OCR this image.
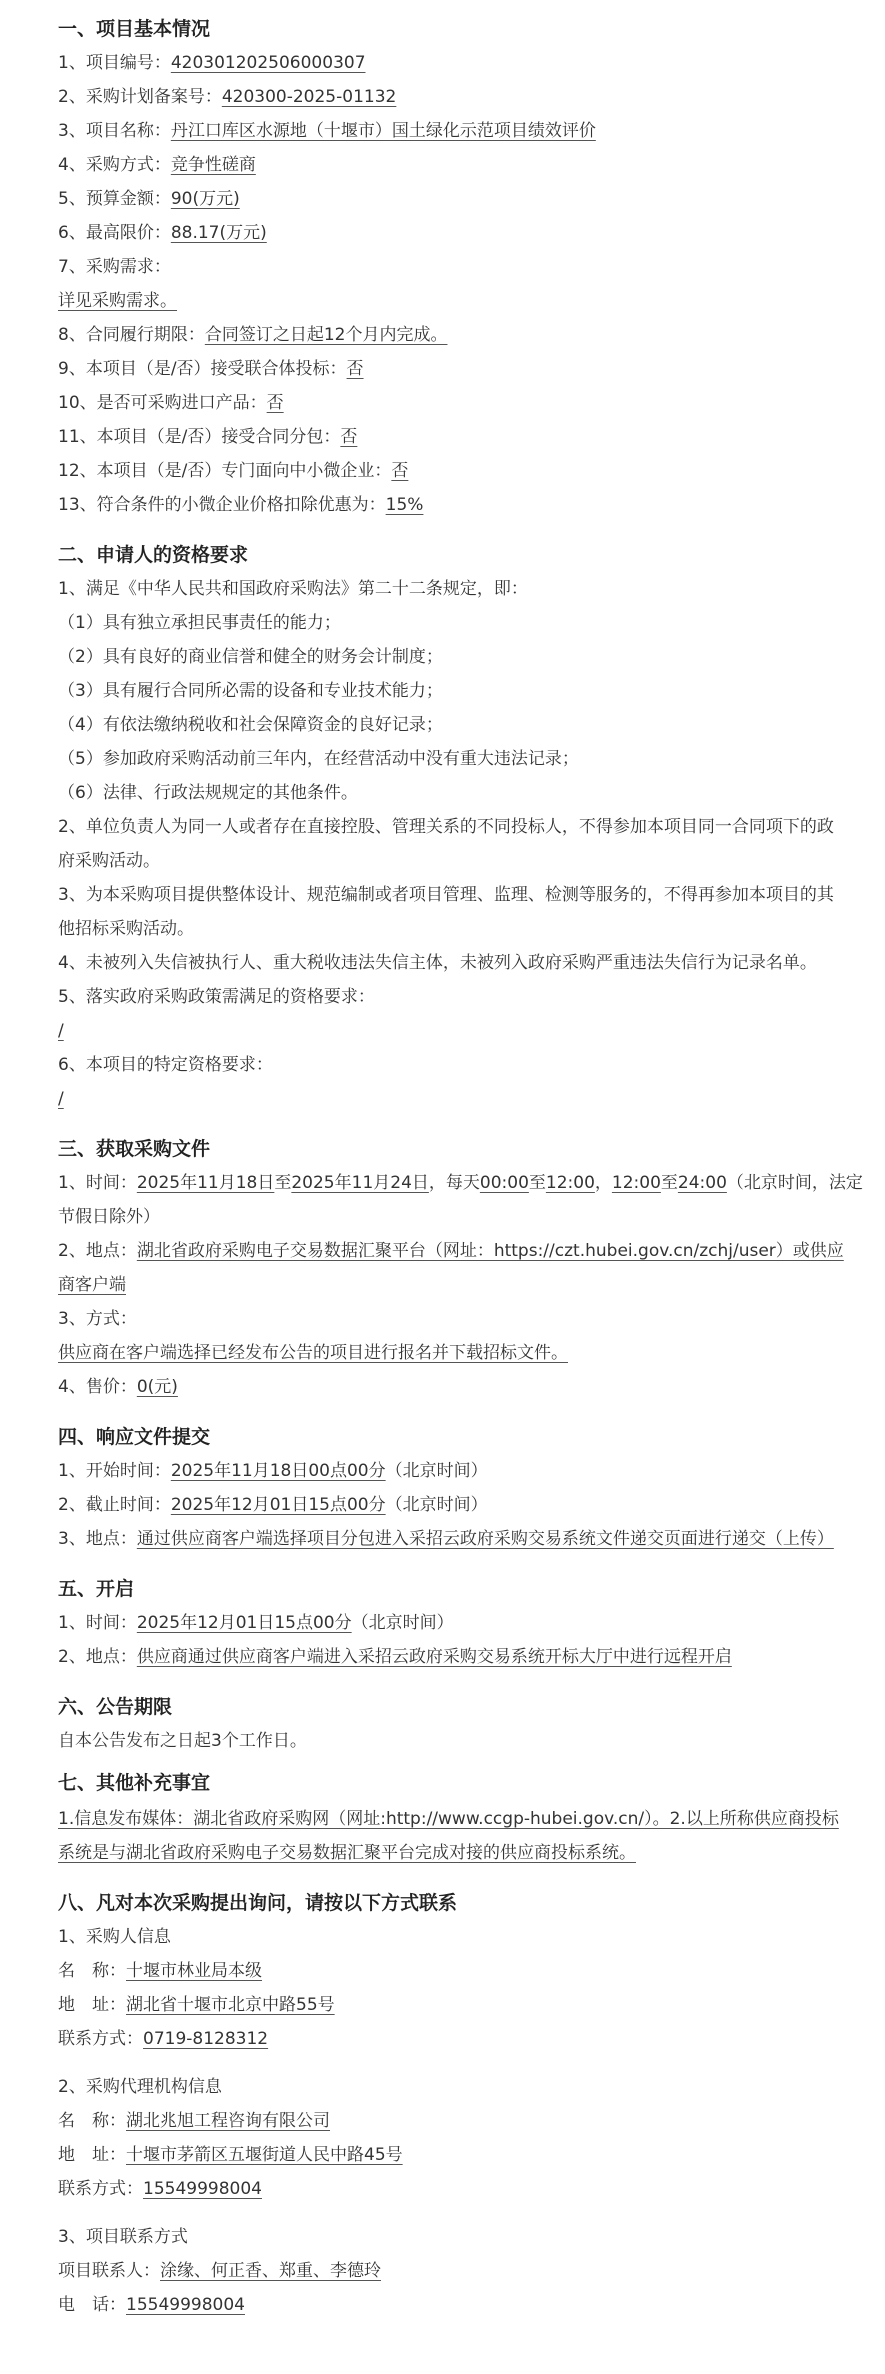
一、项目基本情况
1、项目编号：420301202506000307
2、采购计划备案号：420300-2025-01132
3、项目名称：丹江口库区水源地（十堰市）国土绿化示范项目绩效评价
4、采购方式：竞争性磋商
5、预算金额：90(万元)
6、最高限价：88.17(万元)
7、采购需求：
详见采购需求。
8、合同履行期限：合同签订之日起12个月内完成。
9、本项目（是/否）接受联合体投标：否
10、是否可采购进口产品：否
11、本项目（是/否）接受合同分包：否
12、本项目（是/否）专门面向中小微企业：否
13、符合条件的小微企业价格扣除优惠为：15%
二、申请人的资格要求
1、满足《中华人民共和国政府采购法》第二十二条规定，即：
（1）具有独立承担民事责任的能力；
（2）具有良好的商业信誉和健全的财务会计制度；
（3）具有履行合同所必需的设备和专业技术能力；
（4）有依法缴纳税收和社会保障资金的良好记录；
（5）参加政府采购活动前三年内，在经营活动中没有重大违法记录；
（6）法律、行政法规规定的其他条件。
2、单位负责人为同一人或者存在直接控股、管理关系的不同投标人，不得参加本项目同一合同项下的政
府采购活动。
3、为本采购项目提供整体设计、规范编制或者项目管理、监理、检测等服务的，不得再参加本项目的其
他招标采购活动。
4、未被列入失信被执行人、重大税收违法失信主体，未被列入政府采购严重违法失信行为记录名单。
5、落实政府采购政策需满足的资格要求：
/
6、本项目的特定资格要求：
/
三、获取采购文件
1、时间：2025年11月18日至2025年11月24日，每天00:00至12:00，12:00至24:00（北京时间，法定
节假日除外）
2、地点：湖北省政府采购电子交易数据汇聚平台（网址：https://czt.hubei.gov.cn/zchj/user）或供应
商客户端
3、方式：
供应商在客户端选择已经发布公告的项目进行报名并下载招标文件。
4、售价：0(元)
四、响应文件提交
1、开始时间：2025年11月18日00点00分（北京时间）
2、截止时间：2025年12月01日15点00分（北京时间）
3、地点：通过供应商客户端选择项目分包进入采招云政府采购交易系统文件递交页面进行递交（上传）
五、开启
1、时间：2025年12月01日15点00分（北京时间）
2、地点：供应商通过供应商客户端进入采招云政府采购交易系统开标大厅中进行远程开启
六、公告期限
自本公告发布之日起3个工作日。
七、其他补充事宜
1.信息发布媒体：湖北省政府采购网（网址:http://www.ccgp-hubei.gov.cn/）。2.以上所称供应商投标
系统是与湖北省政府采购电子交易数据汇聚平台完成对接的供应商投标系统。
八、凡对本次采购提出询问，请按以下方式联系
1、采购人信息
名　称：十堰市林业局本级
地　址：湖北省十堰市北京中路55号
联系方式：0719-8128312
2、采购代理机构信息
名　称：湖北兆旭工程咨询有限公司
地　址：十堰市茅箭区五堰街道人民中路45号
联系方式：15549998004
3、项目联系方式
项目联系人：涂缘、何正香、郑重、李德玲
电　话：15549998004
